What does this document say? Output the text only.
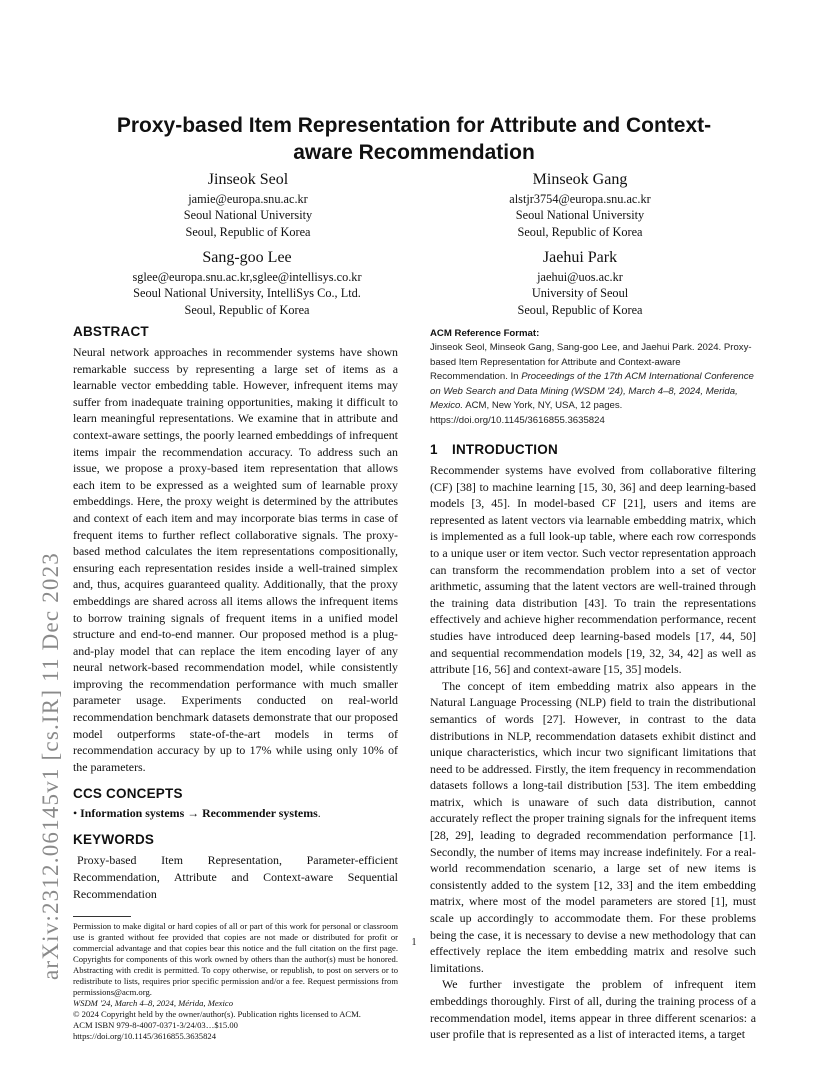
arXiv:2312.06145v1 [cs.IR] 11 Dec 2023
Proxy-based Item Representation for Attribute and Context-aware Recommendation
Jinseok Seol
jamie@europa.snu.ac.kr
Seoul National University
Seoul, Republic of Korea
Minseok Gang
alstjr3754@europa.snu.ac.kr
Seoul National University
Seoul, Republic of Korea
Sang-goo Lee
sglee@europa.snu.ac.kr,sglee@intellisys.co.kr
Seoul National University, IntelliSys Co., Ltd.
Seoul, Republic of Korea
Jaehui Park
jaehui@uos.ac.kr
University of Seoul
Seoul, Republic of Korea
ABSTRACT

Neural network approaches in recommender systems have shown remarkable success by representing a large set of items as a learnable vector embedding table. However, infrequent items may suffer from inadequate training opportunities, making it difficult to learn meaningful representations. We examine that in attribute and context-aware settings, the poorly learned embeddings of infrequent items impair the recommendation accuracy. To address such an issue, we propose a proxy-based item representation that allows each item to be expressed as a weighted sum of learnable proxy embeddings. Here, the proxy weight is determined by the attributes and context of each item and may incorporate bias terms in case of frequent items to further reflect collaborative signals. The proxy-based method calculates the item representations compositionally, ensuring each representation resides inside a well-trained simplex and, thus, acquires guaranteed quality. Additionally, that the proxy embeddings are shared across all items allows the infrequent items to borrow training signals of frequent items in a unified model structure and end-to-end manner. Our proposed method is a plug-and-play model that can replace the item encoding layer of any neural network-based recommendation model, while consistently improving the recommendation performance with much smaller parameter usage. Experiments conducted on real-world recommendation benchmark datasets demonstrate that our proposed model outperforms state-of-the-art models in terms of recommendation accuracy by up to 17% while using only 10% of the parameters.

CCS CONCEPTS

• Information systems → Recommender systems.

KEYWORDS

Proxy-based Item Representation, Parameter-efficient Recommendation, Attribute and Context-aware Sequential Recommendation

Permission to make digital or hard copies of all or part of this work for personal or classroom use is granted without fee provided that copies are not made or distributed for profit or commercial advantage and that copies bear this notice and the full citation on the first page. Copyrights for components of this work owned by others than the author(s) must be honored. Abstracting with credit is permitted. To copy otherwise, or republish, to post on servers or to redistribute to lists, requires prior specific permission and/or a fee. Request permissions from permissions@acm.org.

WSDM '24, March 4–8, 2024, Mérida, Mexico

© 2024 Copyright held by the owner/author(s). Publication rights licensed to ACM.

ACM ISBN 979-8-4007-0371-3/24/03…$15.00

https://doi.org/10.1145/3616855.3635824

ACM Reference Format:

Jinseok Seol, Minseok Gang, Sang-goo Lee, and Jaehui Park. 2024. Proxy-based Item Representation for Attribute and Context-aware Recommendation. In Proceedings of the 17th ACM International Conference on Web Search and Data Mining (WSDM '24), March 4–8, 2024, Merida, Mexico. ACM, New York, NY, USA, 12 pages. https://doi.org/10.1145/3616855.3635824

1 INTRODUCTION

Recommender systems have evolved from collaborative filtering (CF) [38] to machine learning [15, 30, 36] and deep learning-based models [3, 45]. In model-based CF [21], users and items are represented as latent vectors via learnable embedding matrix, which is implemented as a full look-up table, where each row corresponds to a unique user or item vector. Such vector representation approach can transform the recommendation problem into a set of vector arithmetic, assuming that the latent vectors are well-trained through the training data distribution [43]. To train the representations effectively and achieve higher recommendation performance, recent studies have introduced deep learning-based models [17, 44, 50] and sequential recommendation models [19, 32, 34, 42] as well as attribute [16, 56] and context-aware [15, 35] models.

The concept of item embedding matrix also appears in the Natural Language Processing (NLP) field to train the distributional semantics of words [27]. However, in contrast to the data distributions in NLP, recommendation datasets exhibit distinct and unique characteristics, which incur two significant limitations that need to be addressed. Firstly, the item frequency in recommendation datasets follows a long-tail distribution [53]. The item embedding matrix, which is unaware of such data distribution, cannot accurately reflect the proper training signals for the infrequent items [28, 29], leading to degraded recommendation performance [1]. Secondly, the number of items may increase indefinitely. For a real-world recommendation scenario, a large set of new items is consistently added to the system [12, 33] and the item embedding matrix, where most of the model parameters are stored [1], must scale up accordingly to accommodate them. For these problems being the case, it is necessary to devise a new methodology that can effectively replace the item embedding matrix and resolve such limitations.

We further investigate the problem of infrequent item embeddings thoroughly. First of all, during the training process of a recommendation model, items appear in three different scenarios: a user profile that is represented as a list of interacted items, a target

1
